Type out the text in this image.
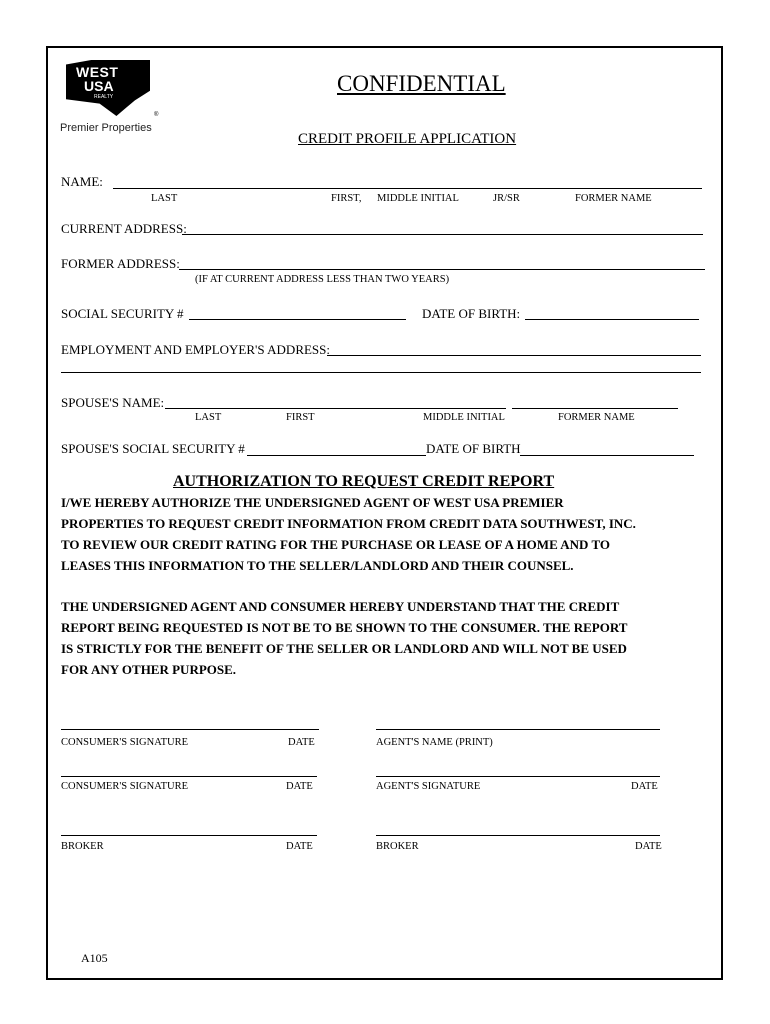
WEST
USA
REALTY
®
Premier Properties
CONFIDENTIAL
CREDIT PROFILE APPLICATION
NAME:
LAST	FIRST, MIDDLE INITIAL	JR/SR	FORMER NAME
CURRENT ADDRESS:
FORMER ADDRESS:
(IF AT CURRENT ADDRESS LESS THAN TWO YEARS)
SOCIAL SECURITY #	DATE OF BIRTH:
EMPLOYMENT AND EMPLOYER'S ADDRESS:
SPOUSE'S NAME:
LAST	FIRST	MIDDLE INITIAL	FORMER NAME
SPOUSE'S SOCIAL SECURITY #	DATE OF BIRTH
AUTHORIZATION TO REQUEST CREDIT REPORT
I/WE HEREBY AUTHORIZE THE UNDERSIGNED AGENT OF WEST USA PREMIER
PROPERTIES TO REQUEST CREDIT INFORMATION FROM CREDIT DATA SOUTHWEST, INC.
TO REVIEW OUR CREDIT RATING FOR THE PURCHASE OR LEASE OF A HOME AND TO
LEASES THIS INFORMATION TO THE SELLER/LANDLORD AND THEIR COUNSEL.
THE UNDERSIGNED AGENT AND CONSUMER HEREBY UNDERSTAND THAT THE CREDIT
REPORT BEING REQUESTED IS NOT BE TO BE SHOWN TO THE CONSUMER. THE REPORT
IS STRICTLY FOR THE BENEFIT OF THE SELLER OR LANDLORD AND WILL NOT BE USED
FOR ANY OTHER PURPOSE.
CONSUMER'S SIGNATURE	DATE	AGENT'S NAME (PRINT)
CONSUMER'S SIGNATURE	DATE	AGENT'S SIGNATURE	DATE
BROKER	DATE	BROKER	DATE
A105
